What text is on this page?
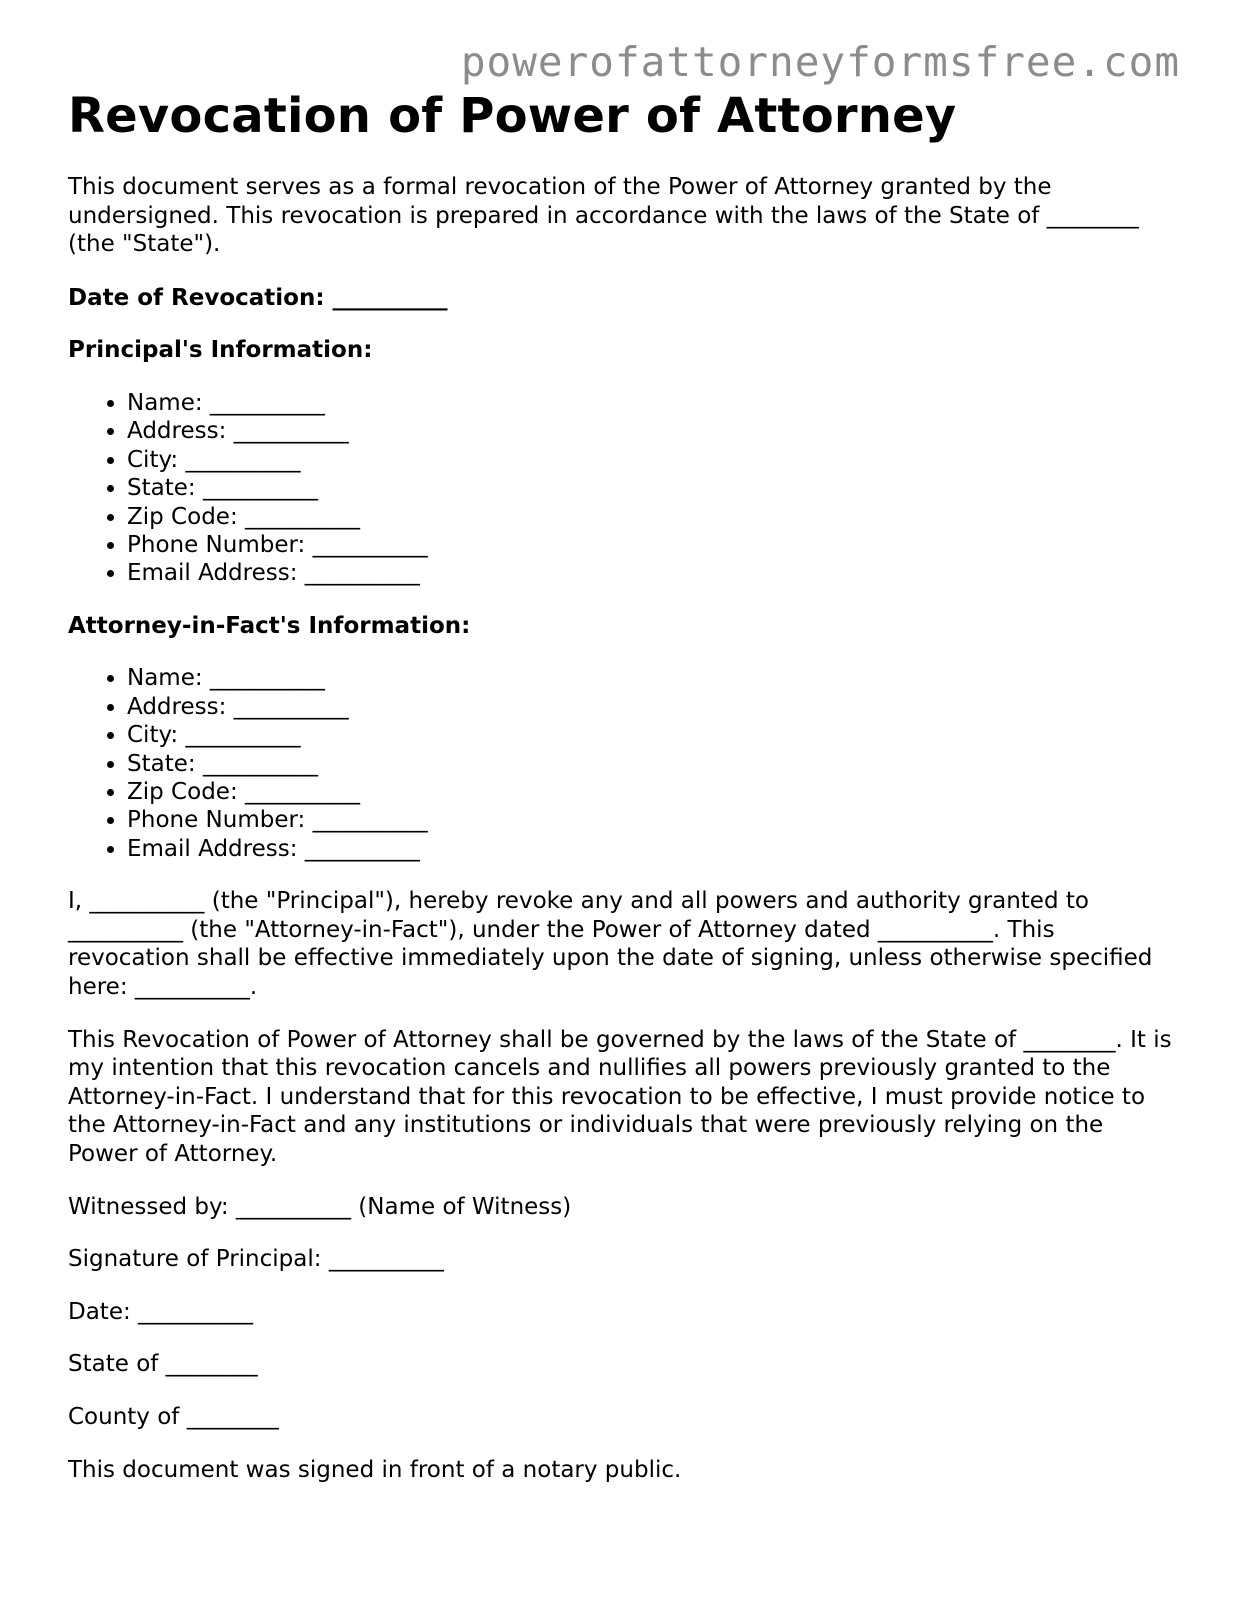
powerofattorneyformsfree.com
Revocation of Power of Attorney

This document serves as a formal revocation of the Power of Attorney granted by the undersigned. This revocation is prepared in accordance with the laws of the State of ________ (the "State").

Date of Revocation: __________

Principal's Information:

• Name: __________
• Address: __________
• City: __________
• State: __________
• Zip Code: __________
• Phone Number: __________
• Email Address: __________

Attorney-in-Fact's Information:

• Name: __________
• Address: __________
• City: __________
• State: __________
• Zip Code: __________
• Phone Number: __________
• Email Address: __________

I, __________ (the "Principal"), hereby revoke any and all powers and authority granted to __________ (the "Attorney-in-Fact"), under the Power of Attorney dated __________. This revocation shall be effective immediately upon the date of signing, unless otherwise specified here: __________.

This Revocation of Power of Attorney shall be governed by the laws of the State of ________. It is my intention that this revocation cancels and nullifies all powers previously granted to the Attorney-in-Fact. I understand that for this revocation to be effective, I must provide notice to the Attorney-in-Fact and any institutions or individuals that were previously relying on the Power of Attorney.

Witnessed by: __________ (Name of Witness)

Signature of Principal: __________

Date: __________

State of ________

County of ________

This document was signed in front of a notary public.
